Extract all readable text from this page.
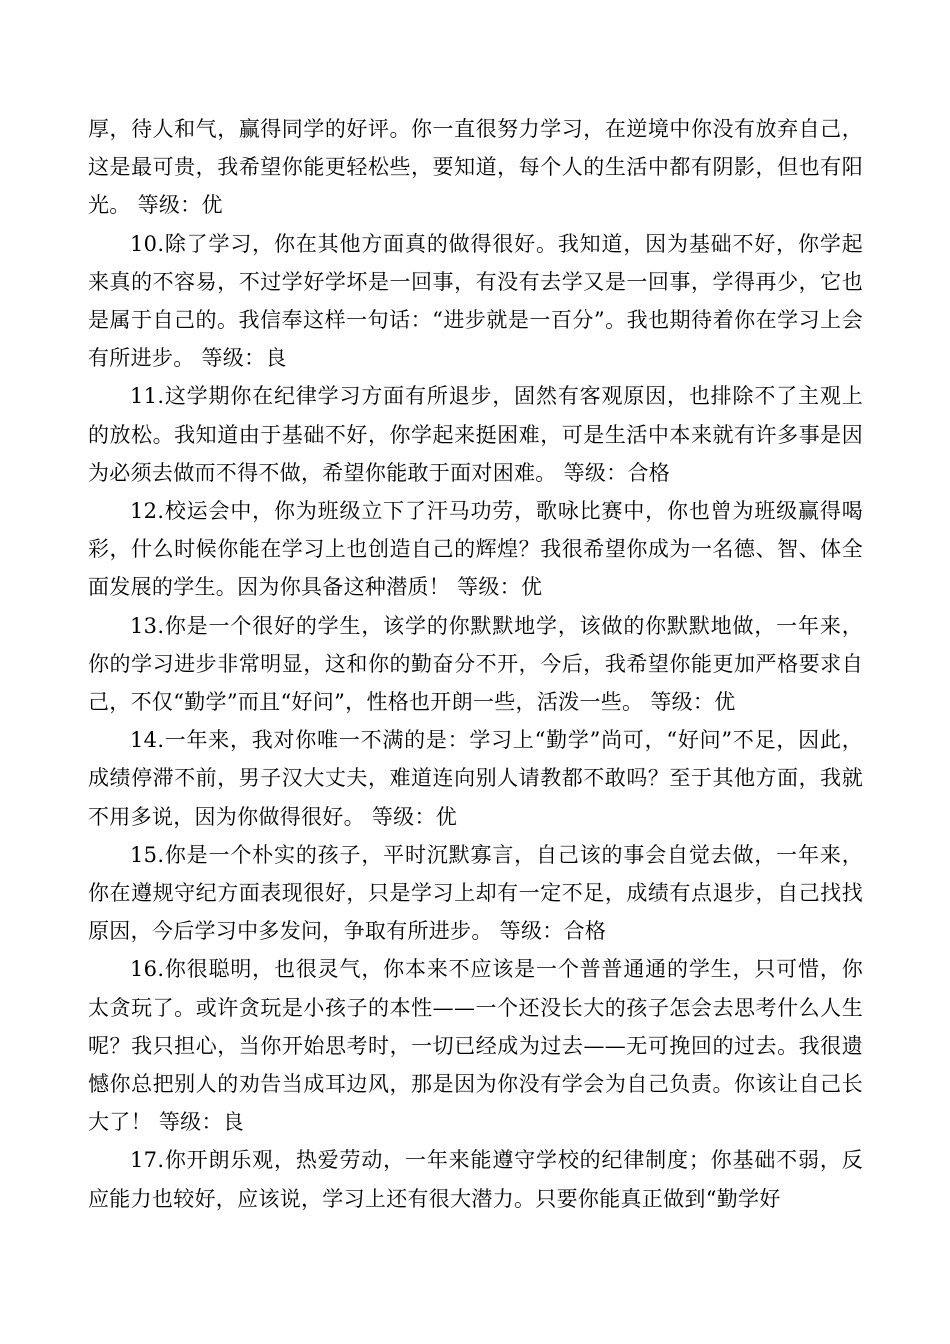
厚，待人和气，赢得同学的好评。你一直很努力学习，在逆境中你没有放弃自己，这是最可贵，我希望你能更轻松些，要知道，每个人的生活中都有阴影，但也有阳光。 等级：优

10.除了学习，你在其他方面真的做得很好。我知道，因为基础不好，你学起来真的不容易，不过学好学坏是一回事，有没有去学又是一回事，学得再少，它也是属于自己的。我信奉这样一句话：“进步就是一百分”。我也期待着你在学习上会有所进步。 等级：良

11.这学期你在纪律学习方面有所退步，固然有客观原因，也排除不了主观上的放松。我知道由于基础不好，你学起来挺困难，可是生活中本来就有许多事是因为必须去做而不得不做，希望你能敢于面对困难。 等级：合格

12.校运会中，你为班级立下了汗马功劳，歌咏比赛中，你也曾为班级赢得喝彩，什么时候你能在学习上也创造自己的辉煌？我很希望你成为一名德、智、体全面发展的学生。因为你具备这种潜质！ 等级：优

13.你是一个很好的学生，该学的你默默地学，该做的你默默地做，一年来，你的学习进步非常明显，这和你的勤奋分不开，今后，我希望你能更加严格要求自己，不仅“勤学”而且“好问”，性格也开朗一些，活泼一些。 等级：优

14.一年来，我对你唯一不满的是：学习上“勤学”尚可，“好问”不足，因此，成绩停滞不前，男子汉大丈夫，难道连向别人请教都不敢吗？至于其他方面，我就不用多说，因为你做得很好。 等级：优

15.你是一个朴实的孩子，平时沉默寡言，自己该的事会自觉去做，一年来，你在遵规守纪方面表现很好，只是学习上却有一定不足，成绩有点退步，自己找找原因，今后学习中多发问，争取有所进步。 等级：合格

16.你很聪明，也很灵气，你本来不应该是一个普普通通的学生，只可惜，你太贪玩了。或许贪玩是小孩子的本性——一个还没长大的孩子怎会去思考什么人生呢？我只担心，当你开始思考时，一切已经成为过去——无可挽回的过去。我很遗憾你总把别人的劝告当成耳边风，那是因为你没有学会为自己负责。你该让自己长大了！ 等级：良

17.你开朗乐观，热爱劳动，一年来能遵守学校的纪律制度；你基础不弱，反应能力也较好，应该说，学习上还有很大潜力。只要你能真正做到“勤学好
